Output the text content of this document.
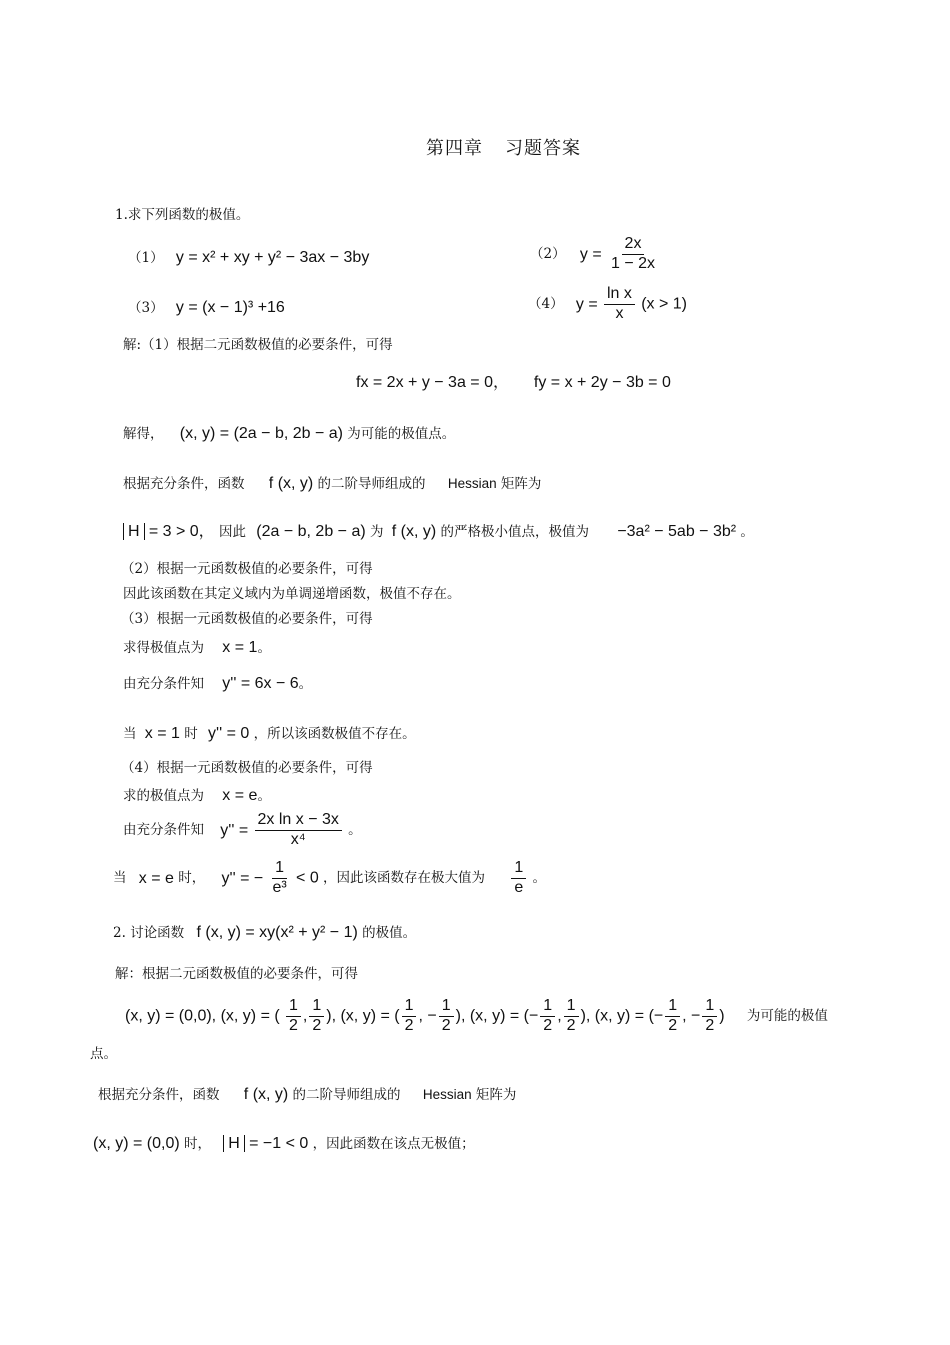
第四章 习题答案
1.求下列函数的极值。
（1） y = x² + xy + y² − 3ax − 3by	（2） $y = \frac{2x}{1 - 2x}$
（3） y = (x − 1)³ +16	（4） $y = \frac{\text{ln x}}{x} (x > 1)$
解:（1）根据二元函数极值的必要条件，可得
fx = 2x + y − 3a = 0， fy = x + 2y − 3b = 0
解得， (x, y) = (2a − b, 2b − a) 为可能的极值点。
根据充分条件，函数 f (x, y) 的二阶导师组成的 Hessian 矩阵为
H = 3 > 0， 因此 (2a − b, 2b − a) 为 f (x, y) 的严格极小值点，极值为 −3a² − 5ab − 3b² 。
（2）根据一元函数极值的必要条件，可得
因此该函数在其定义域内为单调递增函数，极值不存在。
（3）根据一元函数极值的必要条件，可得
求得极值点为 x = 1。
由充分条件知 y'' = 6x − 6。
当 x = 1 时 y'' = 0 ，所以该函数极值不存在。
（4）根据一元函数极值的必要条件，可得
求的极值点为 x = e。
由充分条件知 $y'' = \frac{\text{2x ln x − 3x}}{\text{x⁴}}$ 。
当 x = e 时， y'' = − $\frac{1}{\text{e³}} < 0$ ，因此该函数存在极大值为 $\frac{1}{e}$ 。
2. 讨论函数 f (x, y) = xy(x² + y² − 1) 的极值。
解：根据二元函数极值的必要条件，可得
(x, y) = (0,0), (x, y) = ( $\frac{1}{2}$ , $\frac{1}{2}$ ), (x, y) = ( $\frac{1}{2}$ , − $\frac{1}{2}$ ), (x, y) = (− $\frac{1}{2}$ , $\frac{1}{2}$ ), (x, y) = (− $\frac{1}{2}$ , − $\frac{1}{2}$ ) 为可能的极值
点。
根据充分条件，函数 f (x, y) 的二阶导师组成的 Hessian 矩阵为
(x, y) = (0,0) 时， H = −1 < 0 ，因此函数在该点无极值；
